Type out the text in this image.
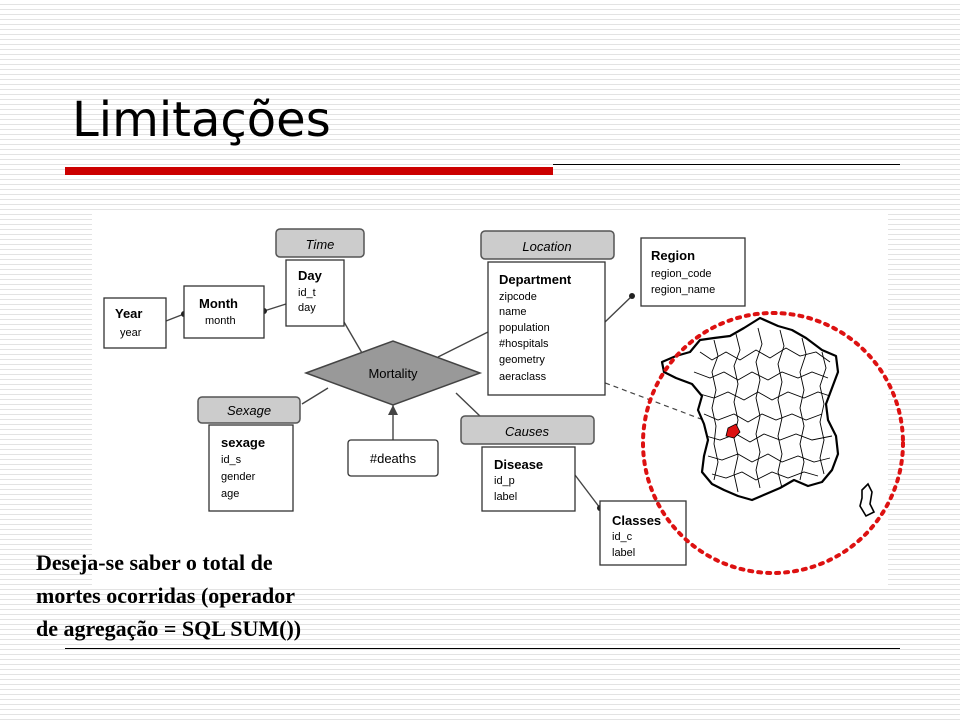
Limitações
Mortality
#deaths
Time	Location
Sexage
Causes
Day id_t day
Month month
Year year
Department zipcode name population #hospitals geometry aeraclass
Region region_code region_name
sexage id_s gender age
Disease id_p label
Classes id_c label

Deseja-se saber o total de
mortes ocorridas (operador
de agregação = SQL SUM())
